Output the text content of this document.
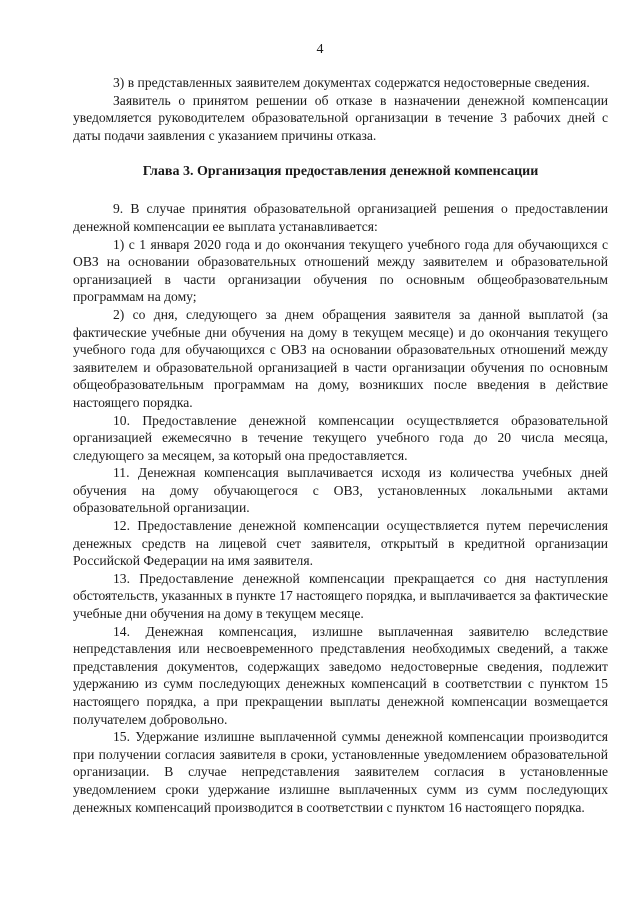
4

3) в представленных заявителем документах содержатся недостоверные сведения.

Заявитель о принятом решении об отказе в назначении денежной компенсации уведомляется руководителем образовательной организации в течение 3 рабочих дней с даты подачи заявления с указанием причины отказа.

Глава 3. Организация предоставления денежной компенсации

9. В случае принятия образовательной организацией решения о предоставлении денежной компенсации ее выплата устанавливается:

1) с 1 января 2020 года и до окончания текущего учебного года для обучающихся с ОВЗ на основании образовательных отношений между заявителем и образовательной организацией в части организации обучения по основным общеобразовательным программам на дому;

2) со дня, следующего за днем обращения заявителя за данной выплатой (за фактические учебные дни обучения на дому в текущем месяце) и до окончания текущего учебного года для обучающихся с ОВЗ на основании образовательных отношений между заявителем и образовательной организацией в части организации обучения по основным общеобразовательным программам на дому, возникших после введения в действие настоящего порядка.

10. Предоставление денежной компенсации осуществляется образовательной организацией ежемесячно в течение текущего учебного года до 20 числа месяца, следующего за месяцем, за который она предоставляется.

11. Денежная компенсация выплачивается исходя из количества учебных дней обучения на дому обучающегося с ОВЗ, установленных локальными актами образовательной организации.

12. Предоставление денежной компенсации осуществляется путем перечисления денежных средств на лицевой счет заявителя, открытый в кредитной организации Российской Федерации на имя заявителя.

13. Предоставление денежной компенсации прекращается со дня наступления обстоятельств, указанных в пункте 17 настоящего порядка, и выплачивается за фактические учебные дни обучения на дому в текущем месяце.

14. Денежная компенсация, излишне выплаченная заявителю вследствие непредставления или несвоевременного представления необходимых сведений, а также представления документов, содержащих заведомо недостоверные сведения, подлежит удержанию из сумм последующих денежных компенсаций в соответствии с пунктом 15 настоящего порядка, а при прекращении выплаты денежной компенсации возмещается получателем добровольно.

15. Удержание излишне выплаченной суммы денежной компенсации производится при получении согласия заявителя в сроки, установленные уведомлением образовательной организации. В случае непредставления заявителем согласия в установленные уведомлением сроки удержание излишне выплаченных сумм из сумм последующих денежных компенсаций производится в соответствии с пунктом 16 настоящего порядка.
